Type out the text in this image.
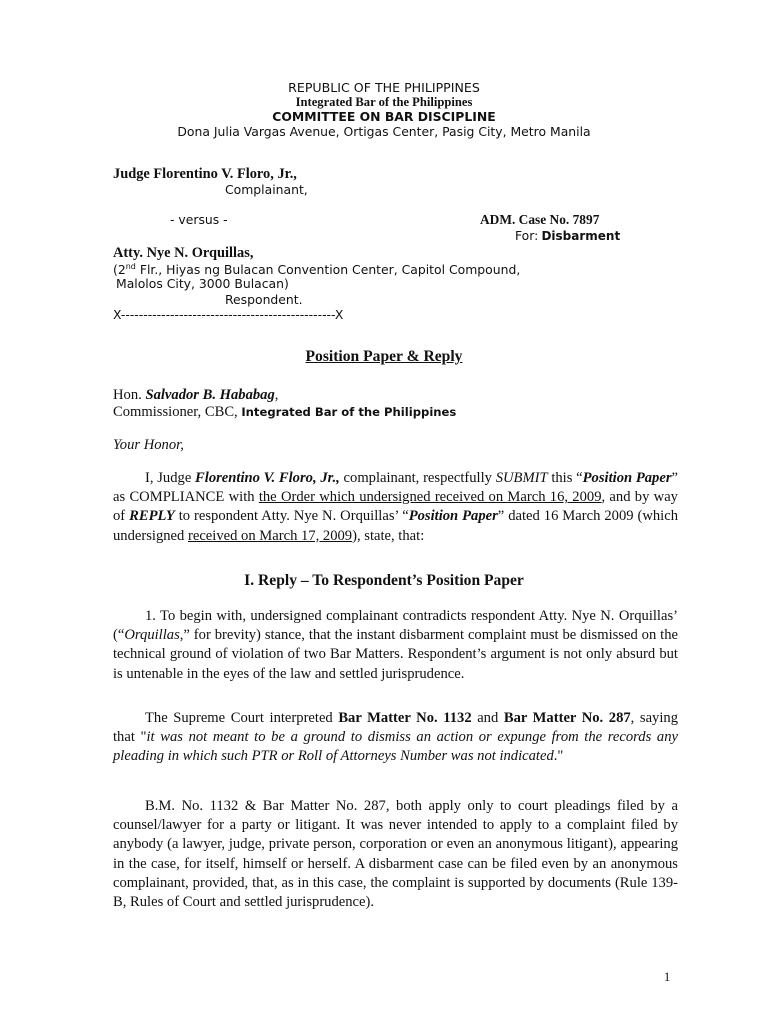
REPUBLIC OF THE PHILIPPINES
Integrated Bar of the Philippines
COMMITTEE ON BAR DISCIPLINE
Dona Julia Vargas Avenue, Ortigas Center, Pasig City, Metro Manila
Judge Florentino V. Floro, Jr.,
Complainant,
- versus -	ADM. Case No. 7897
For: Disbarment
Atty. Nye N. Orquillas,
(2nd Flr., Hiyas ng Bulacan Convention Center, Capitol Compound,
Malolos City, 3000 Bulacan)
Respondent.
X------------------------------------------------X
Position Paper & Reply
Hon. Salvador B. Hababag,
Commissioner, CBC, Integrated Bar of the Philippines
Your Honor,
I, Judge Florentino V. Floro, Jr., complainant, respectfully SUBMIT this “Position Paper” as COMPLIANCE with the Order which undersigned received on March 16, 2009, and by way of REPLY to respondent Atty. Nye N. Orquillas’ “Position Paper” dated 16 March 2009 (which undersigned received on March 17, 2009), state, that:
I. Reply – To Respondent’s Position Paper
1. To begin with, undersigned complainant contradicts respondent Atty. Nye N. Orquillas’ (“Orquillas,” for brevity) stance, that the instant disbarment complaint must be dismissed on the technical ground of violation of two Bar Matters. Respondent’s argument is not only absurd but is untenable in the eyes of the law and settled jurisprudence.
The Supreme Court interpreted Bar Matter No. 1132 and Bar Matter No. 287, saying that "it was not meant to be a ground to dismiss an action or expunge from the records any pleading in which such PTR or Roll of Attorneys Number was not indicated."
B.M. No. 1132 & Bar Matter No. 287, both apply only to court pleadings filed by a counsel/lawyer for a party or litigant. It was never intended to apply to a complaint filed by anybody (a lawyer, judge, private person, corporation or even an anonymous litigant), appearing in the case, for itself, himself or herself. A disbarment case can be filed even by an anonymous complainant, provided, that, as in this case, the complaint is supported by documents (Rule 139-B, Rules of Court and settled jurisprudence).
1
